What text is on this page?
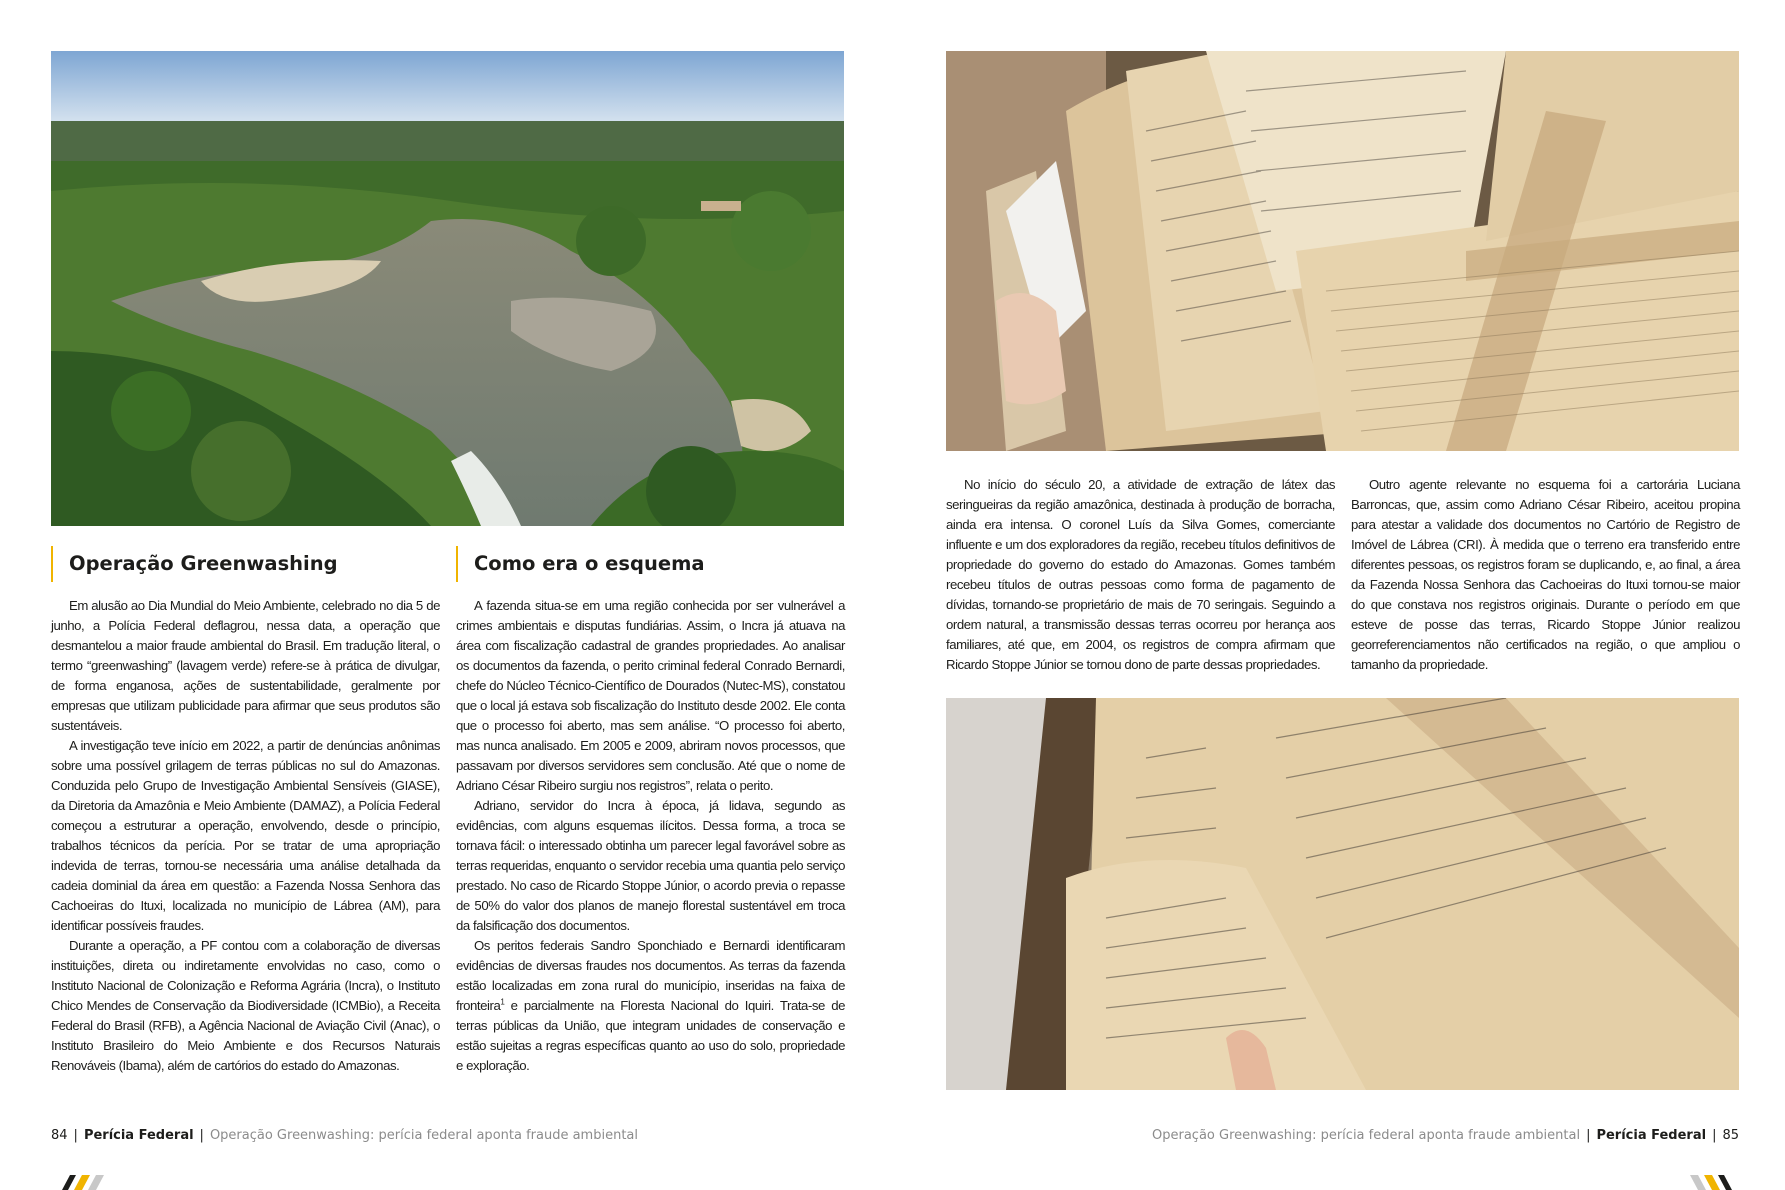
Operação Greenwashing	Como era o esquema

Em alusão ao Dia Mundial do Meio Ambiente, celebrado no dia 5 de junho, a Polícia Federal deflagrou, nessa data, a operação que desmantelou a maior fraude ambiental do Brasil. Em tradução literal, o termo “greenwashing” (lavagem verde) refere-se à prática de divulgar, de forma enganosa, ações de sustentabilidade, geralmente por empresas que utilizam publicidade para afirmar que seus produtos são sustentáveis.

A investigação teve início em 2022, a partir de denúncias anônimas sobre uma possível grilagem de terras públicas no sul do Amazonas. Conduzida pelo Grupo de Investigação Ambiental Sensíveis (GIASE), da Diretoria da Amazônia e Meio Ambiente (DAMAZ), a Polícia Federal começou a estruturar a operação, envolvendo, desde o princípio, trabalhos técnicos da perícia. Por se tratar de uma apropriação indevida de terras, tornou-se necessária uma análise detalhada da cadeia dominial da área em questão: a Fazenda Nossa Senhora das Cachoeiras do Ituxi, localizada no município de Lábrea (AM), para identificar possíveis fraudes.

Durante a operação, a PF contou com a colaboração de diversas instituições, direta ou indiretamente envolvidas no caso, como o Instituto Nacional de Colonização e Reforma Agrária (Incra), o Instituto Chico Mendes de Conservação da Biodiversidade (ICMBio), a Receita Federal do Brasil (RFB), a Agência Nacional de Aviação Civil (Anac), o Instituto Brasileiro do Meio Ambiente e dos Recursos Naturais Renováveis (Ibama), além de cartórios do estado do Amazonas.

A fazenda situa-se em uma região conhecida por ser vulnerável a crimes ambientais e disputas fundiárias. Assim, o Incra já atuava na área com fiscalização cadastral de grandes propriedades. Ao analisar os documentos da fazenda, o perito criminal federal Conrado Bernardi, chefe do Núcleo Técnico-Científico de Dourados (Nutec-MS), constatou que o local já estava sob fiscalização do Instituto desde 2002. Ele conta que o processo foi aberto, mas sem análise. “O processo foi aberto, mas nunca analisado. Em 2005 e 2009, abriram novos processos, que passavam por diversos servidores sem conclusão. Até que o nome de Adriano César Ribeiro surgiu nos registros”, relata o perito.

Adriano, servidor do Incra à época, já lidava, segundo as evidências, com alguns esquemas ilícitos. Dessa forma, a troca se tornava fácil: o interessado obtinha um parecer legal favorável sobre as terras requeridas, enquanto o servidor recebia uma quantia pelo serviço prestado. No caso de Ricardo Stoppe Júnior, o acordo previa o repasse de 50% do valor dos planos de manejo florestal sustentável em troca da falsificação dos documentos.

Os peritos federais Sandro Sponchiado e Bernardi identificaram evidências de diversas fraudes nos documentos. As terras da fazenda estão localizadas em zona rural do município, inseridas na faixa de fronteira$^1$ e parcialmente na Floresta Nacional do Iquiri. Trata-se de terras públicas da União, que integram unidades de conservação e estão sujeitas a regras específicas quanto ao uso do solo, propriedade e exploração.

No início do século 20, a atividade de extração de látex das seringueiras da região amazônica, destinada à produção de borracha, ainda era intensa. O coronel Luís da Silva Gomes, comerciante influente e um dos exploradores da região, recebeu títulos definitivos de propriedade do governo do estado do Amazonas. Gomes também recebeu títulos de outras pessoas como forma de pagamento de dívidas, tornando-se proprietário de mais de 70 seringais. Seguindo a ordem natural, a transmissão dessas terras ocorreu por herança aos familiares, até que, em 2004, os registros de compra afirmam que Ricardo Stoppe Júnior se tornou dono de parte dessas propriedades.

Outro agente relevante no esquema foi a cartorária Luciana Barroncas, que, assim como Adriano César Ribeiro, aceitou propina para atestar a validade dos documentos no Cartório de Registro de Imóvel de Lábrea (CRI). À medida que o terreno era transferido entre diferentes pessoas, os registros foram se duplicando, e, ao final, a área da Fazenda Nossa Senhora das Cachoeiras do Ituxi tornou-se maior do que constava nos registros originais. Durante o período em que esteve de posse das terras, Ricardo Stoppe Júnior realizou georreferenciamentos não certificados na região, o que ampliou o tamanho da propriedade.

84 | Perícia Federal | Operação Greenwashing: perícia federal aponta fraude ambiental	Operação Greenwashing: perícia federal aponta fraude ambiental | Perícia Federal | 85
